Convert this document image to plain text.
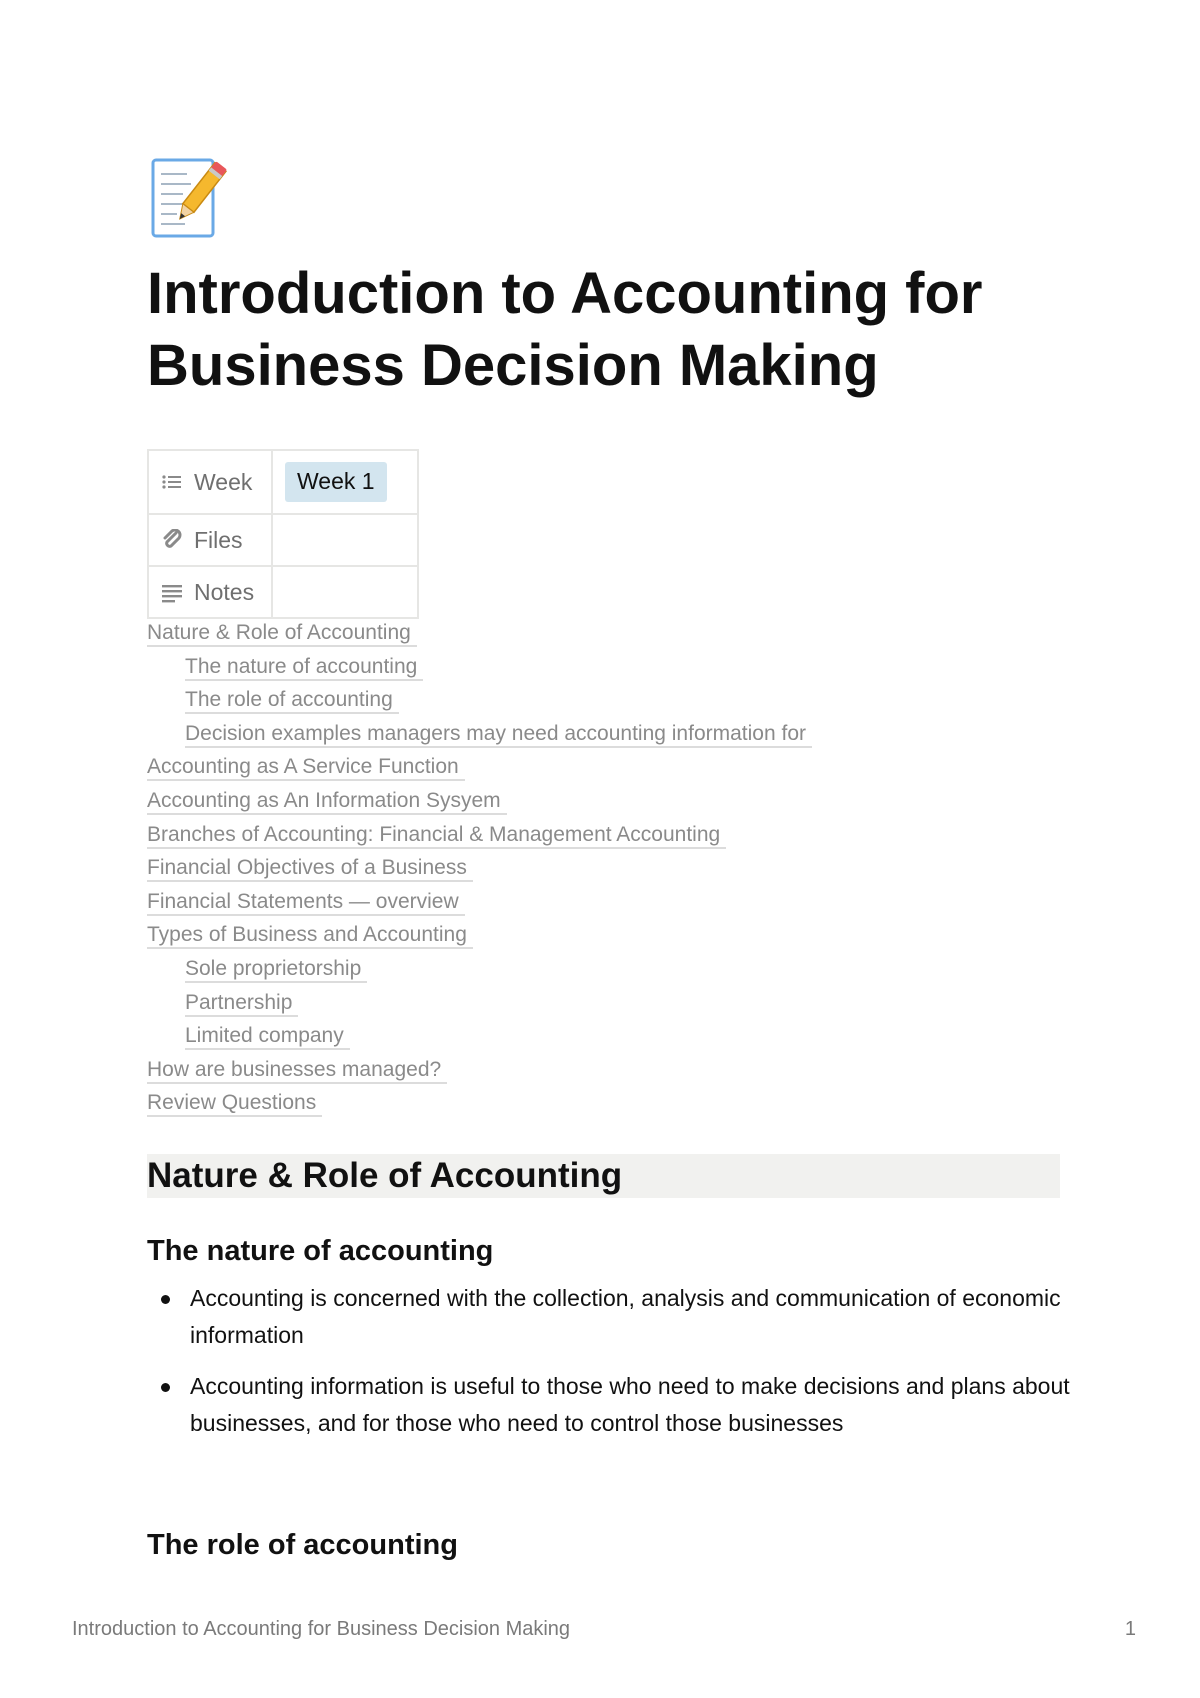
Introduction to Accounting for Business Decision Making
Week	Week 1

Files	

Notes	

Nature & Role of Accounting
The nature of accounting
The role of accounting
Decision examples managers may need accounting information for
Accounting as A Service Function
Accounting as An Information Sysyem
Branches of Accounting: Financial & Management Accounting
Financial Objectives of a Business
Financial Statements — overview
Types of Business and Accounting
Sole proprietorship
Partnership
Limited company
How are businesses managed?
Review Questions
Nature & Role of Accounting
The nature of accounting
Accounting is concerned with the collection, analysis and communication of economic information
Accounting information is useful to those who need to make decisions and plans about businesses, and for those who need to control those businesses
The role of accounting
Introduction to Accounting for Business Decision Making	1
